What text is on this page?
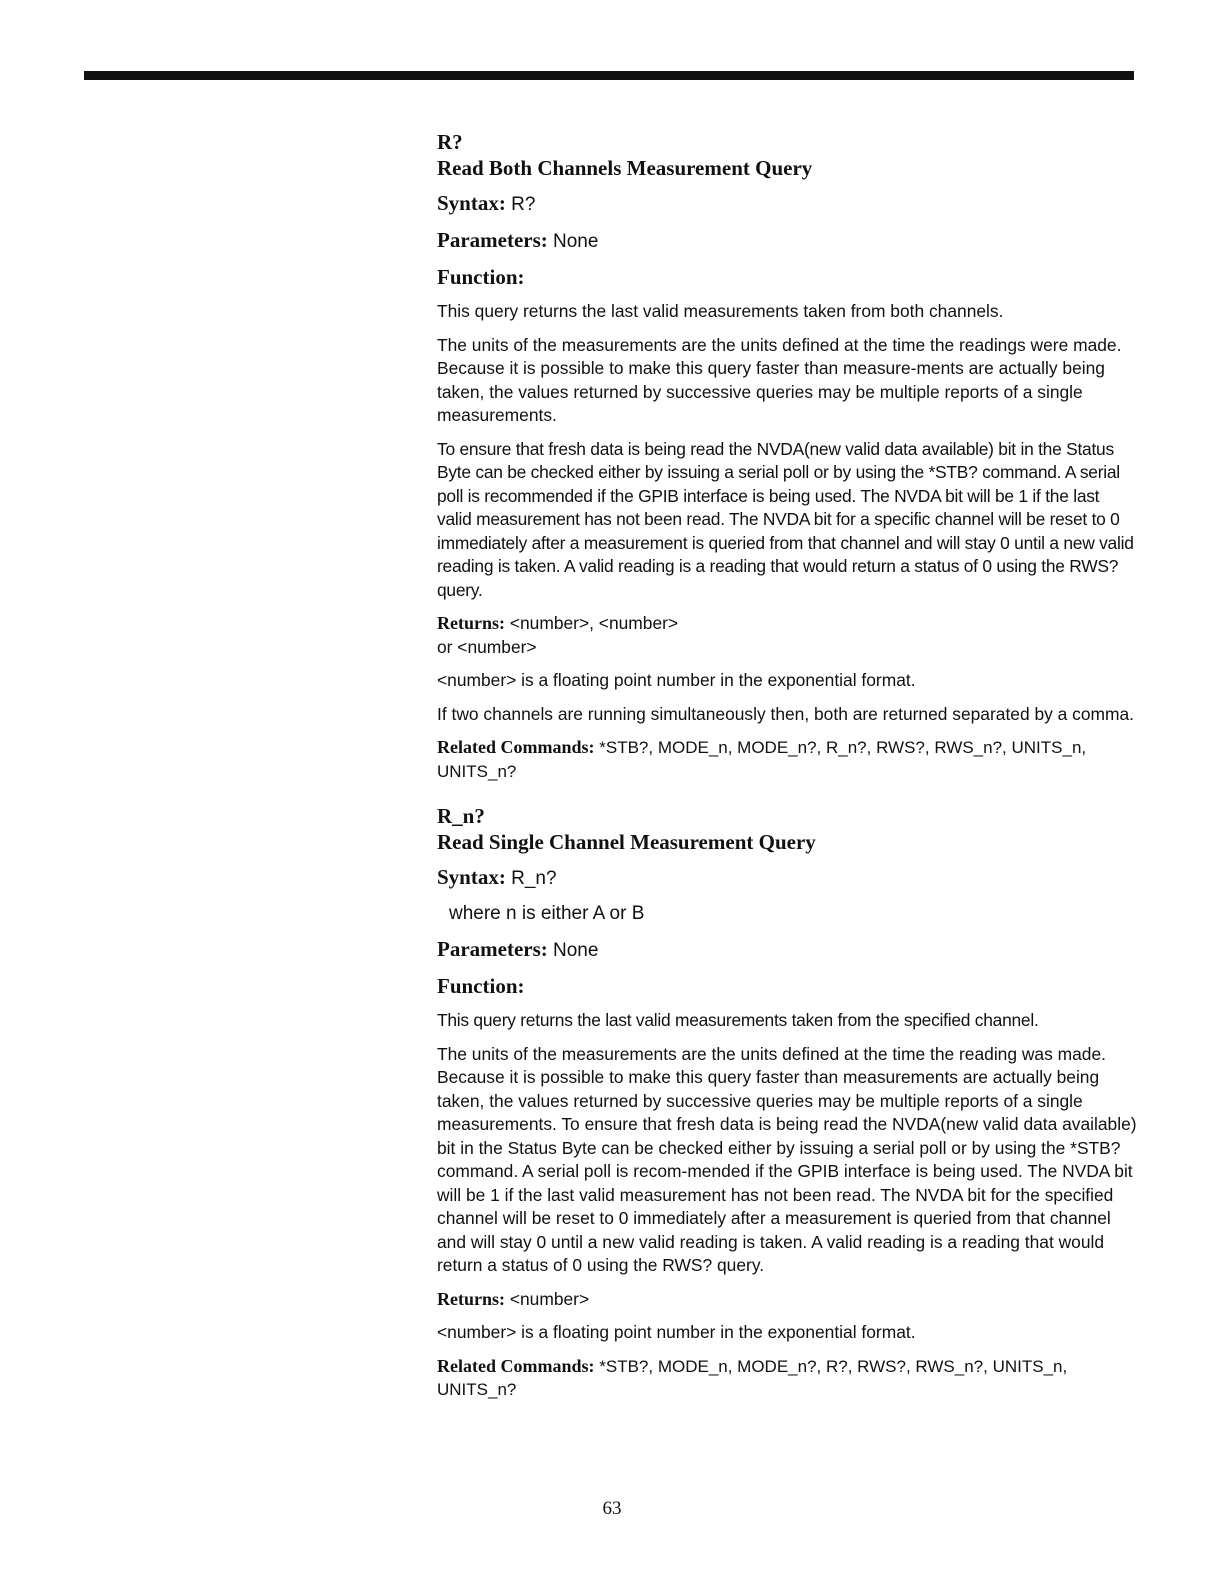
R?
Read Both Channels Measurement Query
Syntax: R?
Parameters: None
Function:

This query returns the last valid measurements taken from both channels.

The units of the measurements are the units defined at the time the readings were made. Because it is possible to make this query faster than measure-ments are actually being taken, the values returned by successive queries may be multiple reports of a single measurements.

To ensure that fresh data is being read the NVDA(new valid data available) bit in the Status Byte can be checked either by issuing a serial poll or by using the *STB? command. A serial poll is recommended if the GPIB interface is being used. The NVDA bit will be 1 if the last valid measurement has not been read. The NVDA bit for a specific channel will be reset to 0 immediately after a measurement is queried from that channel and will stay 0 until a new valid reading is taken. A valid reading is a reading that would return a status of 0 using the RWS? query.

Returns: <number>, <number>
or <number>

<number> is a floating point number in the exponential format.

If two channels are running simultaneously then, both are returned separated by a comma.

Related Commands: *STB?, MODE_n, MODE_n?, R_n?, RWS?, RWS_n?, UNITS_n, UNITS_n?
R_n?
Read Single Channel Measurement Query
Syntax: R_n?
where n is either A or B
Parameters: None
Function:

This query returns the last valid measurements taken from the specified channel.

The units of the measurements are the units defined at the time the reading was made. Because it is possible to make this query faster than measurements are actually being taken, the values returned by successive queries may be multiple reports of a single measurements. To ensure that fresh data is being read the NVDA(new valid data available) bit in the Status Byte can be checked either by issuing a serial poll or by using the *STB? command. A serial poll is recom-mended if the GPIB interface is being used. The NVDA bit will be 1 if the last valid measurement has not been read. The NVDA bit for the specified channel will be reset to 0 immediately after a measurement is queried from that channel and will stay 0 until a new valid reading is taken. A valid reading is a reading that would return a status of 0 using the RWS? query.

Returns: <number>

<number> is a floating point number in the exponential format.

Related Commands: *STB?, MODE_n, MODE_n?, R?, RWS?, RWS_n?, UNITS_n, UNITS_n?
63
